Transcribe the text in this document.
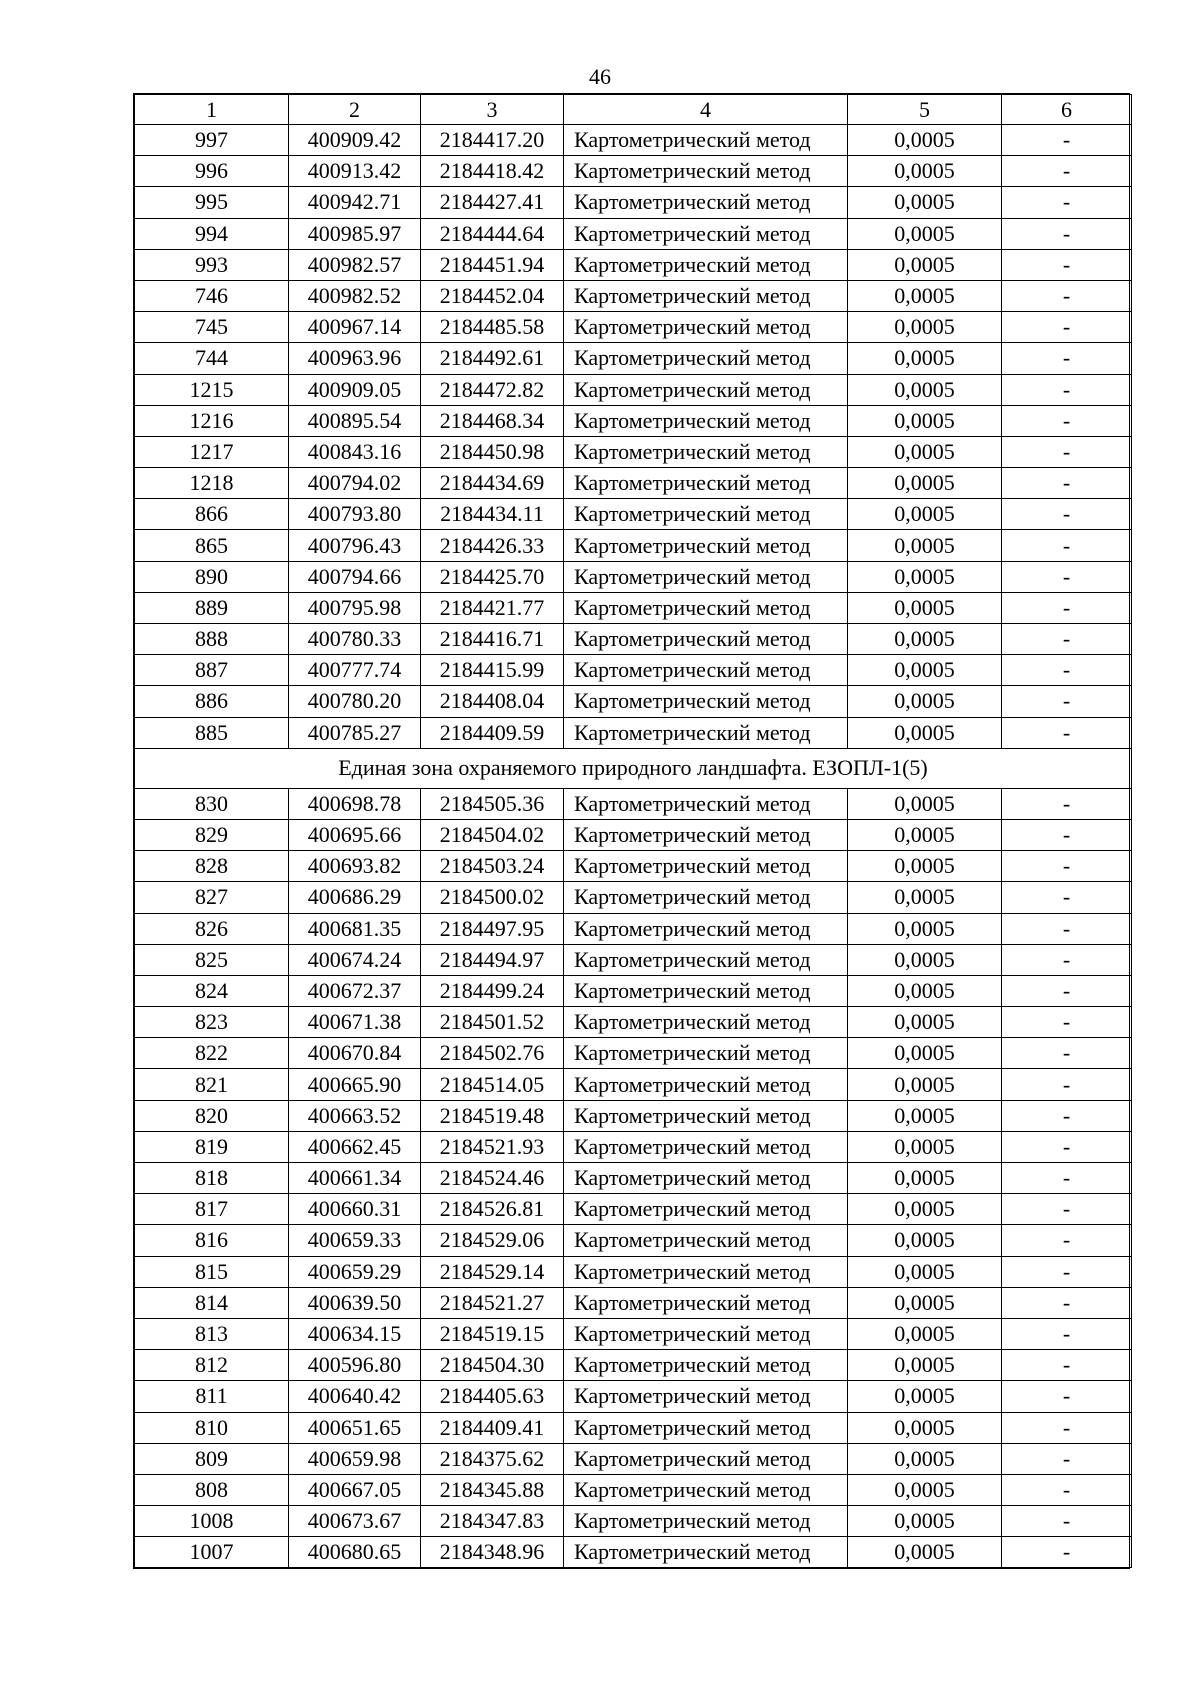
46
1	2	3	4	5	6
997	400909.42	2184417.20	Картометрический метод	0,0005	-
996	400913.42	2184418.42	Картометрический метод	0,0005	-
995	400942.71	2184427.41	Картометрический метод	0,0005	-
994	400985.97	2184444.64	Картометрический метод	0,0005	-
993	400982.57	2184451.94	Картометрический метод	0,0005	-
746	400982.52	2184452.04	Картометрический метод	0,0005	-
745	400967.14	2184485.58	Картометрический метод	0,0005	-
744	400963.96	2184492.61	Картометрический метод	0,0005	-
1215	400909.05	2184472.82	Картометрический метод	0,0005	-
1216	400895.54	2184468.34	Картометрический метод	0,0005	-
1217	400843.16	2184450.98	Картометрический метод	0,0005	-
1218	400794.02	2184434.69	Картометрический метод	0,0005	-
866	400793.80	2184434.11	Картометрический метод	0,0005	-
865	400796.43	2184426.33	Картометрический метод	0,0005	-
890	400794.66	2184425.70	Картометрический метод	0,0005	-
889	400795.98	2184421.77	Картометрический метод	0,0005	-
888	400780.33	2184416.71	Картометрический метод	0,0005	-
887	400777.74	2184415.99	Картометрический метод	0,0005	-
886	400780.20	2184408.04	Картометрический метод	0,0005	-
885	400785.27	2184409.59	Картометрический метод	0,0005	-
Единая зона охраняемого природного ландшафта. ЕЗОПЛ-1(5)					
830	400698.78	2184505.36	Картометрический метод	0,0005	-
829	400695.66	2184504.02	Картометрический метод	0,0005	-
828	400693.82	2184503.24	Картометрический метод	0,0005	-
827	400686.29	2184500.02	Картометрический метод	0,0005	-
826	400681.35	2184497.95	Картометрический метод	0,0005	-
825	400674.24	2184494.97	Картометрический метод	0,0005	-
824	400672.37	2184499.24	Картометрический метод	0,0005	-
823	400671.38	2184501.52	Картометрический метод	0,0005	-
822	400670.84	2184502.76	Картометрический метод	0,0005	-
821	400665.90	2184514.05	Картометрический метод	0,0005	-
820	400663.52	2184519.48	Картометрический метод	0,0005	-
819	400662.45	2184521.93	Картометрический метод	0,0005	-
818	400661.34	2184524.46	Картометрический метод	0,0005	-
817	400660.31	2184526.81	Картометрический метод	0,0005	-
816	400659.33	2184529.06	Картометрический метод	0,0005	-
815	400659.29	2184529.14	Картометрический метод	0,0005	-
814	400639.50	2184521.27	Картометрический метод	0,0005	-
813	400634.15	2184519.15	Картометрический метод	0,0005	-
812	400596.80	2184504.30	Картометрический метод	0,0005	-
811	400640.42	2184405.63	Картометрический метод	0,0005	-
810	400651.65	2184409.41	Картометрический метод	0,0005	-
809	400659.98	2184375.62	Картометрический метод	0,0005	-
808	400667.05	2184345.88	Картометрический метод	0,0005	-
1008	400673.67	2184347.83	Картометрический метод	0,0005	-
1007	400680.65	2184348.96	Картометрический метод	0,0005	-
